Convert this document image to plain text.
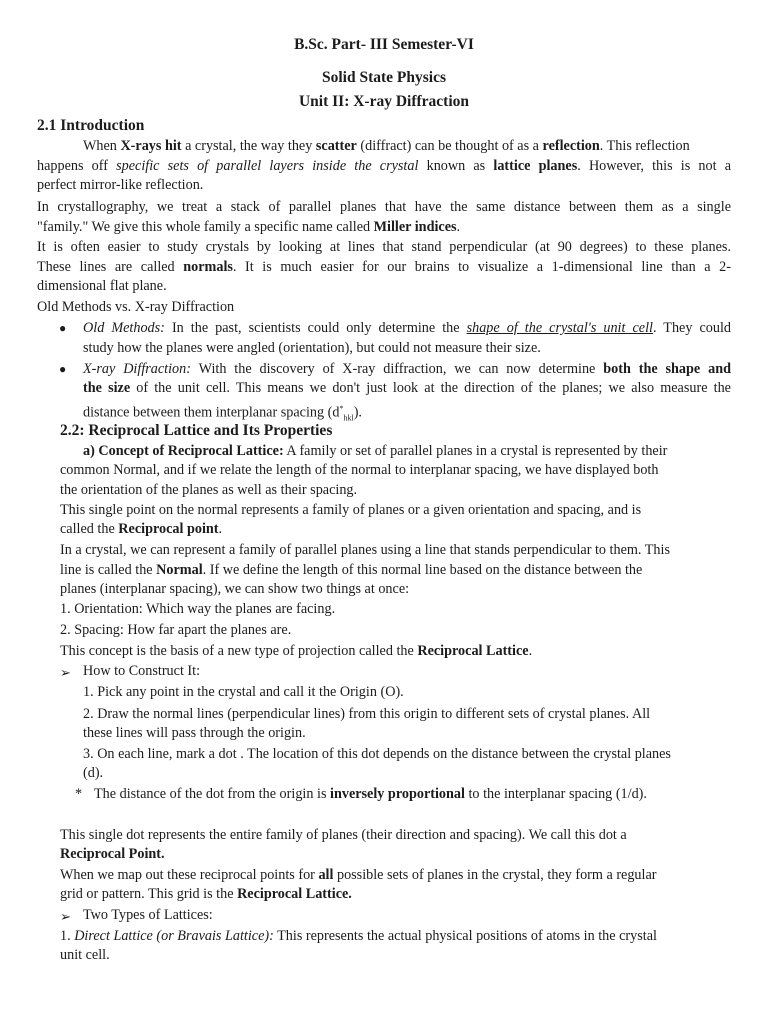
B.Sc. Part- III Semester-VI
Solid State Physics
Unit II: X-ray Diffraction
2.1 Introduction
When X-rays hit a crystal, the way they scatter (diffract) can be thought of as a reflection. This reflection
happens off specific sets of parallel layers inside the crystal known as lattice planes. However, this is not a
perfect mirror-like reflection.
In crystallography, we treat a stack of parallel planes that have the same distance between them as a single
"family." We give this whole family a specific name called Miller indices.
It is often easier to study crystals by looking at lines that stand perpendicular (at 90 degrees) to these planes.
These lines are called normals. It is much easier for our brains to visualize a 1-dimensional line than a 2-
dimensional flat plane.
Old Methods vs. X-ray Diffraction
● Old Methods: In the past, scientists could only determine the shape of the crystal's unit cell. They could
study how the planes were angled (orientation), but could not measure their size.
● X-ray Diffraction: With the discovery of X-ray diffraction, we can now determine both the shape and
the size of the unit cell. This means we don't just look at the direction of the planes; we also measure the
distance between them interplanar spacing $(d^*_{hkl})$.
2.2: Reciprocal Lattice and Its Properties
a) Concept of Reciprocal Lattice: A family or set of parallel planes in a crystal is represented by their
common Normal, and if we relate the length of the normal to interplanar spacing, we have displayed both
the orientation of the planes as well as their spacing.
This single point on the normal represents a family of planes or a given orientation and spacing, and is
called the Reciprocal point.
In a crystal, we can represent a family of parallel planes using a line that stands perpendicular to them. This
line is called the Normal. If we define the length of this normal line based on the distance between the
planes (interplanar spacing), we can show two things at once:
1. Orientation: Which way the planes are facing.
2. Spacing: How far apart the planes are.
This concept is the basis of a new type of projection called the Reciprocal Lattice.
➢ How to Construct It:
1. Pick any point in the crystal and call it the Origin (O).
2. Draw the normal lines (perpendicular lines) from this origin to different sets of crystal planes. All
these lines will pass through the origin.
3. On each line, mark a dot . The location of this dot depends on the distance between the crystal planes
(d).
* The distance of the dot from the origin is inversely proportional to the interplanar spacing (1/d).
This single dot represents the entire family of planes (their direction and spacing). We call this dot a
Reciprocal Point.
When we map out these reciprocal points for all possible sets of planes in the crystal, they form a regular
grid or pattern. This grid is the Reciprocal Lattice.
➢ Two Types of Lattices:
1. Direct Lattice (or Bravais Lattice): This represents the actual physical positions of atoms in the crystal
unit cell.
